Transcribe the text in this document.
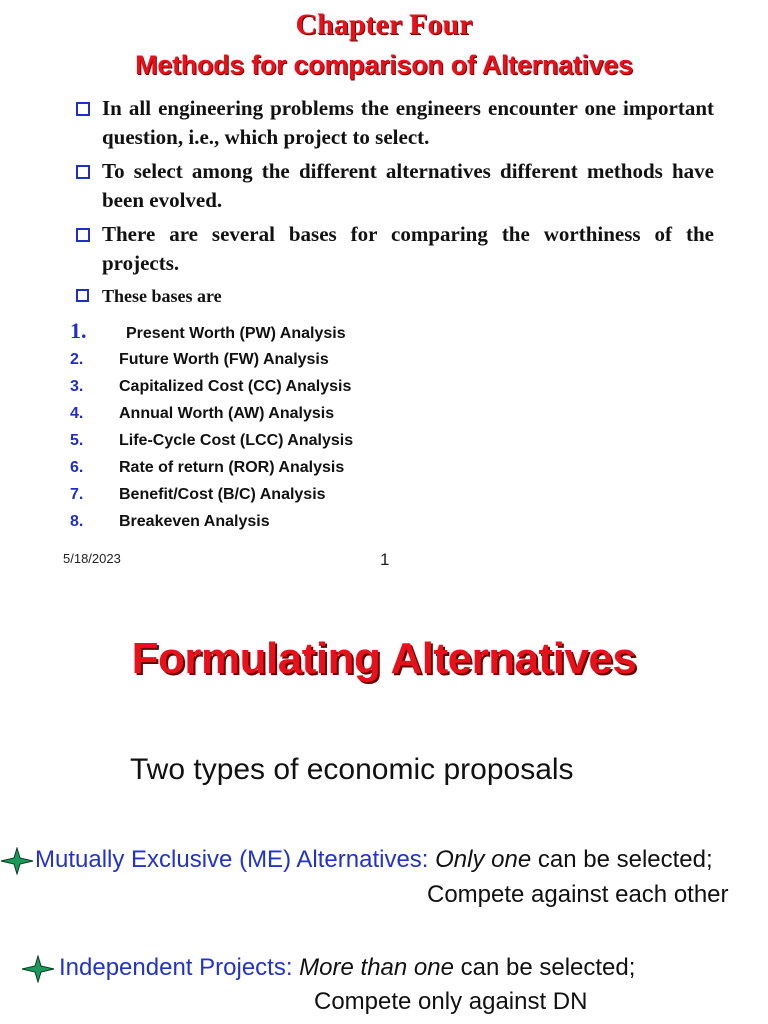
Chapter Four
Methods for comparison of Alternatives
In all engineering problems the engineers encounter one important question, i.e., which project to select.
To select among the different alternatives different methods have been evolved.
There are several bases for comparing the worthiness of the projects.
These bases are
1. Present Worth (PW) Analysis
2. Future Worth (FW) Analysis
3. Capitalized Cost (CC) Analysis
4. Annual Worth (AW) Analysis
5. Life-Cycle Cost (LCC) Analysis
6. Rate of return (ROR) Analysis
7. Benefit/Cost (B/C) Analysis
8. Breakeven Analysis
5/18/2023	1
Formulating Alternatives
Two types of economic proposals
Mutually Exclusive (ME) Alternatives: Only one can be selected;
Compete against each other
Independent Projects: More than one can be selected;
Compete only against DN
